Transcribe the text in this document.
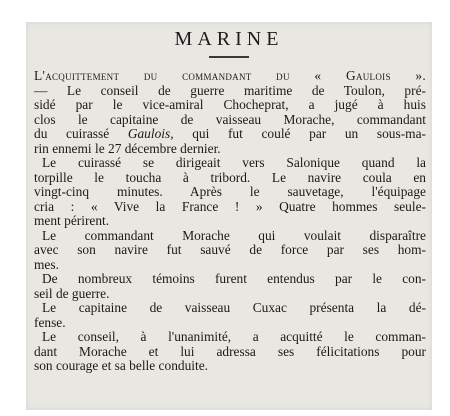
MARINE
L'acquittement du commandant du « Gaulois ».
— Le conseil de guerre maritime de Toulon, pré-
sidé par le vice-amiral Chocheprat, a jugé à huis
clos le capitaine de vaisseau Morache, commandant
du cuirassé Gaulois, qui fut coulé par un sous-ma-
rin ennemi le 27 décembre dernier.
Le cuirassé se dirigeait vers Salonique quand la
torpille le toucha à tribord. Le navire coula en
vingt-cinq minutes. Après le sauvetage, l'équipage
cria : « Vive la France ! » Quatre hommes seule-
ment périrent.
Le commandant Morache qui voulait disparaître
avec son navire fut sauvé de force par ses hom-
mes.
De nombreux témoins furent entendus par le con-
seil de guerre.
Le capitaine de vaisseau Cuxac présenta la dé-
fense.
Le conseil, à l'unanimité, a acquitté le comman-
dant Morache et lui adressa ses félicitations pour
son courage et sa belle conduite.
